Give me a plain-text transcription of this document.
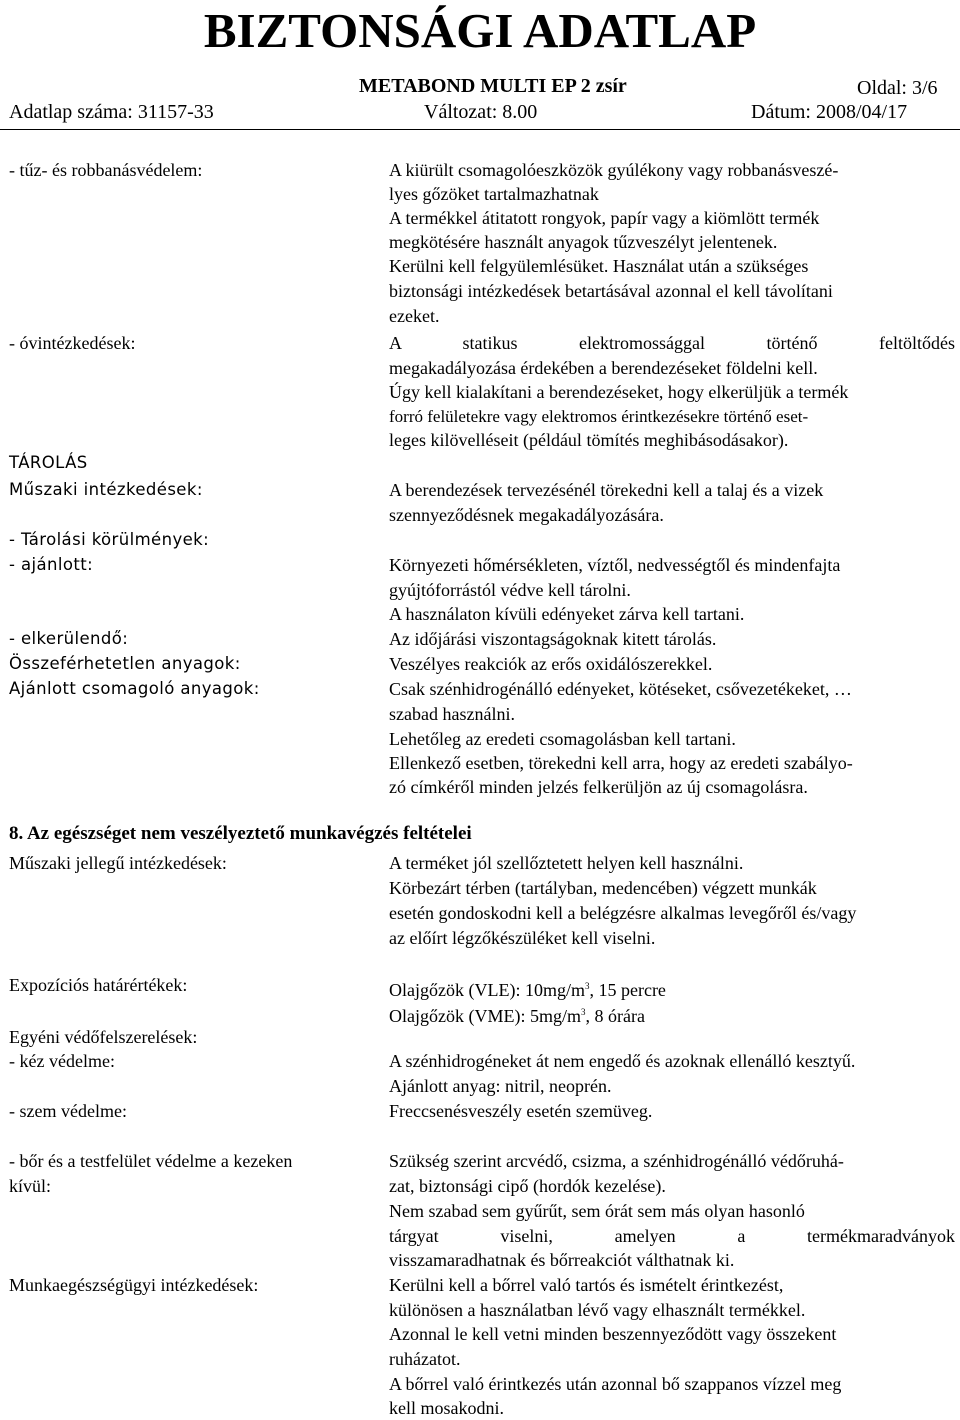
BIZTONSÁGI ADATLAP
METABOND MULTI EP 2 zsír	Oldal: 3/6
Adatlap száma: 31157-33	Változat: 8.00	Dátum: 2008/04/17
- tűz- és robbanásvédelem:	A kiürült csomagolóeszközök gyúlékony vagy robbanásveszé-
lyes gőzöket tartalmazhatnak
A termékkel átitatott rongyok, papír vagy a kiömlött termék
megkötésére használt anyagok tűzveszélyt jelentenek.
Kerülni kell felgyülemlésüket. Használat után a szükséges
biztonsági intézkedések betartásával azonnal el kell távolítani
ezeket.
- óvintézkedések:	A statikus elektromossággal történő feltöltődés
megakadályozása érdekében a berendezéseket földelni kell.
Úgy kell kialakítani a berendezéseket, hogy elkerüljük a termék
forró felületekre vagy elektromos érintkezésekre történő eset-
leges kilövelléseit (például tömítés meghibásodásakor).
TÁROLÁS
Műszaki intézkedések:	A berendezések tervezésénél törekedni kell a talaj és a vizek
szennyeződésnek megakadályozására.
- Tárolási körülmények:
- ajánlott:	Környezeti hőmérsékleten, víztől, nedvességtől és mindenfajta
gyújtóforrástól védve kell tárolni.
A használaton kívüli edényeket zárva kell tartani.
- elkerülendő:	Az időjárási viszontagságoknak kitett tárolás.
Összeférhetetlen anyagok:	Veszélyes reakciók az erős oxidálószerekkel.
Ajánlott csomagoló anyagok:	Csak szénhidrogénálló edényeket, kötéseket, csővezetékeket, …
szabad használni.
Lehetőleg az eredeti csomagolásban kell tartani.
Ellenkező esetben, törekedni kell arra, hogy az eredeti szabályo-
zó címkéről minden jelzés felkerüljön az új csomagolásra.
8. Az egészséget nem veszélyeztető munkavégzés feltételei
Műszaki jellegű intézkedések:	A terméket jól szellőztetett helyen kell használni.
Körbezárt térben (tartályban, medencében) végzett munkák
esetén gondoskodni kell a belégzésre alkalmas levegőről és/vagy
az előírt légzőkészüléket kell viselni.
Expozíciós határértékek:	Olajgőzök (VLE): $10mg/m^3$, 15 percre
Olajgőzök (VME): $5mg/m^3$, 8 órára
Egyéni védőfelszerelések:
- kéz védelme:	A szénhidrogéneket át nem engedő és azoknak ellenálló kesztyű.
Ajánlott anyag: nitril, neoprén.
- szem védelme:	Freccsenésveszély esetén szemüveg.
- bőr és a testfelület védelme a kezeken
kívül:
Szükség szerint arcvédő, csizma, a szénhidrogénálló védőruhá-
zat, biztonsági cipő (hordók kezelése).
Nem szabad sem gyűrűt, sem órát sem más olyan hasonló
tárgyat viselni, amelyen a termékmaradványok
visszamaradhatnak és bőrreakciót válthatnak ki.
Munkaegészségügyi intézkedések:	Kerülni kell a bőrrel való tartós és ismételt érintkezést,
különösen a használatban lévő vagy elhasznált termékkel.
Azonnal le kell vetni minden beszennyeződött vagy összekent
ruházatot.
A bőrrel való érintkezés után azonnal bő szappanos vízzel meg
kell mosakodni.
